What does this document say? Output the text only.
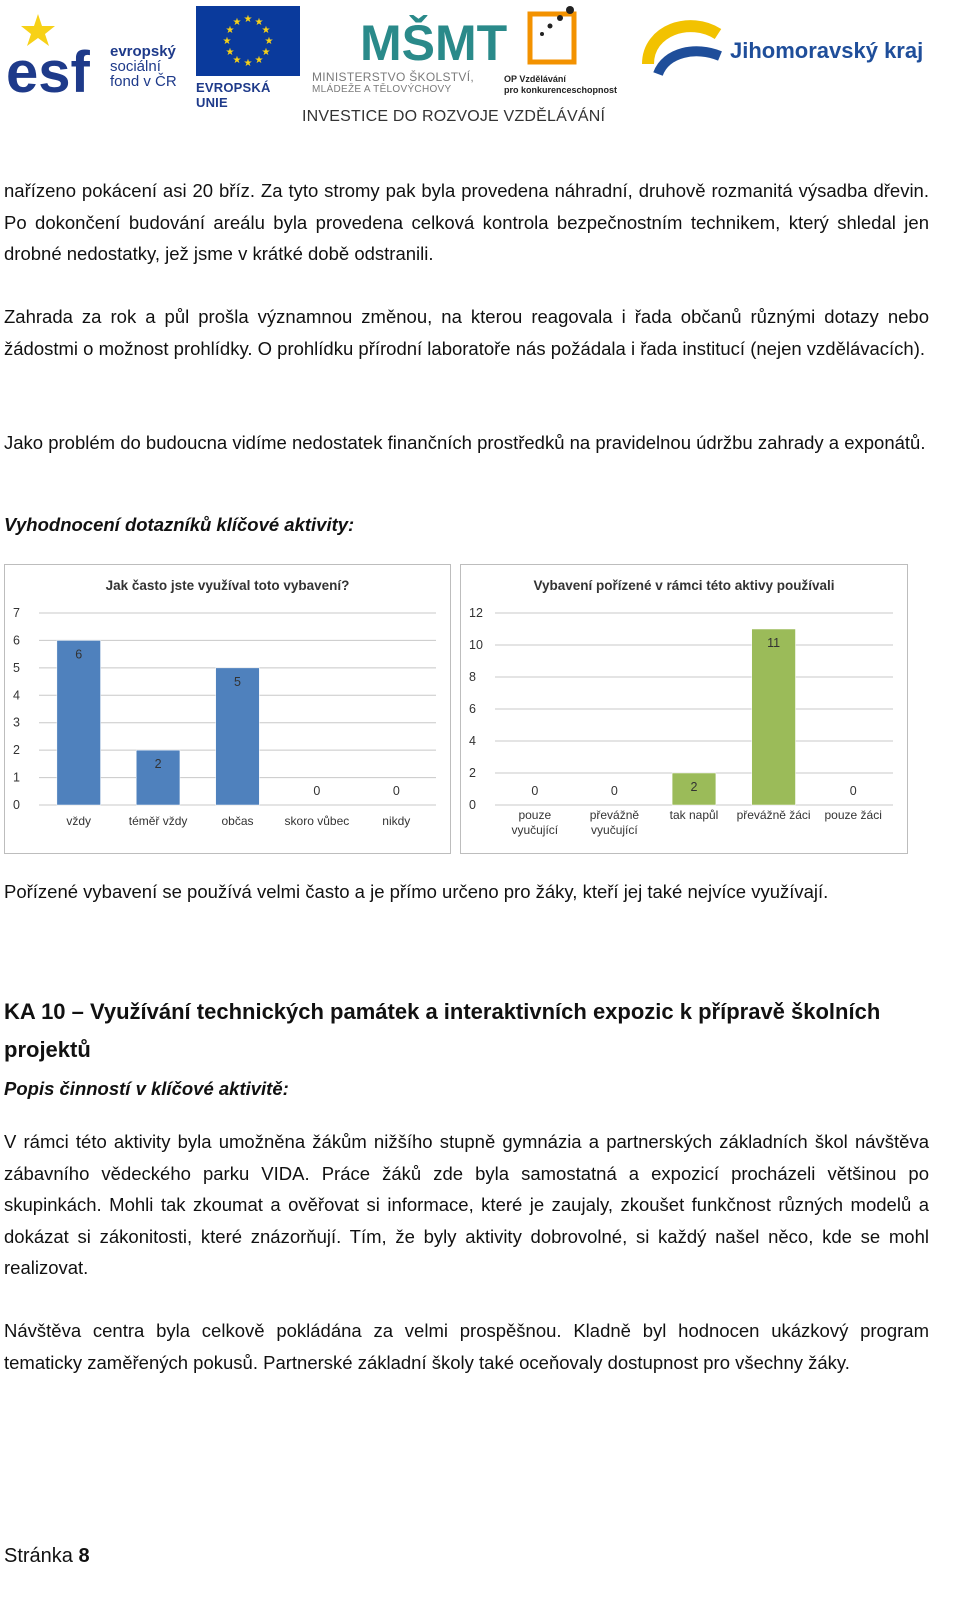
esf evropský
sociální
fond v ČR
★ ★
★
★
★
★
★
★
★
★
★
★
EVROPSKÁ UNIE
MŠMT
MINISTERSTVO ŠKOLSTVÍ,
MLÁDEŽE A TĚLOVÝCHOVY
OP Vzdělávání
pro konkurenceschopnost
Jihomoravský kraj
INVESTICE DO ROZVOJE VZDĚLÁVÁNÍ
nařízeno pokácení asi 20 bříz. Za tyto stromy pak byla provedena náhradní, druhově rozmanitá výsadba dřevin. Po dokončení budování areálu byla provedena celková kontrola bezpečnostním technikem, který shledal jen drobné nedostatky, jež jsme v krátké době odstranili.
Zahrada za rok a půl prošla významnou změnou, na kterou reagovala i řada občanů různými dotazy nebo žádostmi o možnost prohlídky. O prohlídku přírodní laboratoře nás požádala i řada institucí (nejen vzdělávacích).
Jako problém do budoucna vidíme nedostatek finančních prostředků na pravidelnou údržbu zahrady a exponátů.
Vyhodnocení dotazníků klíčové aktivity:
Jak často jste využíval toto vybavení?
0
1
2
3
4
5
6
7
6
vždy
2
téměř vždy
5
občas
0
skoro vůbec
0
nikdy
Vybavení pořízené v rámci této aktivy používali
0
2
4
6
8
10
12
0
pouze
vyučující
0
převážně
vyučující
2
tak napůl
11
převážně žáci
0
pouze žáci
Pořízené vybavení se používá velmi často a je přímo určeno pro žáky, kteří jej také nejvíce využívají.
KA 10 – Využívání technických památek a interaktivních expozic k přípravě školních projektů
Popis činností v klíčové aktivitě:
V rámci této aktivity byla umožněna žákům nižšího stupně gymnázia a partnerských základních škol návštěva zábavního vědeckého parku VIDA. Práce žáků zde byla samostatná a expozicí procházeli většinou po skupinkách. Mohli tak zkoumat a ověřovat si informace, které je zaujaly, zkoušet funkčnost různých modelů a dokázat si zákonitosti, které znázorňují. Tím, že byly aktivity dobrovolné, si každý našel něco, kde se mohl realizovat.
Návštěva centra byla celkově pokládána za velmi prospěšnou. Kladně byl hodnocen ukázkový program tematicky zaměřených pokusů. Partnerské základní školy také oceňovaly dostupnost pro všechny žáky.
Stránka 8
